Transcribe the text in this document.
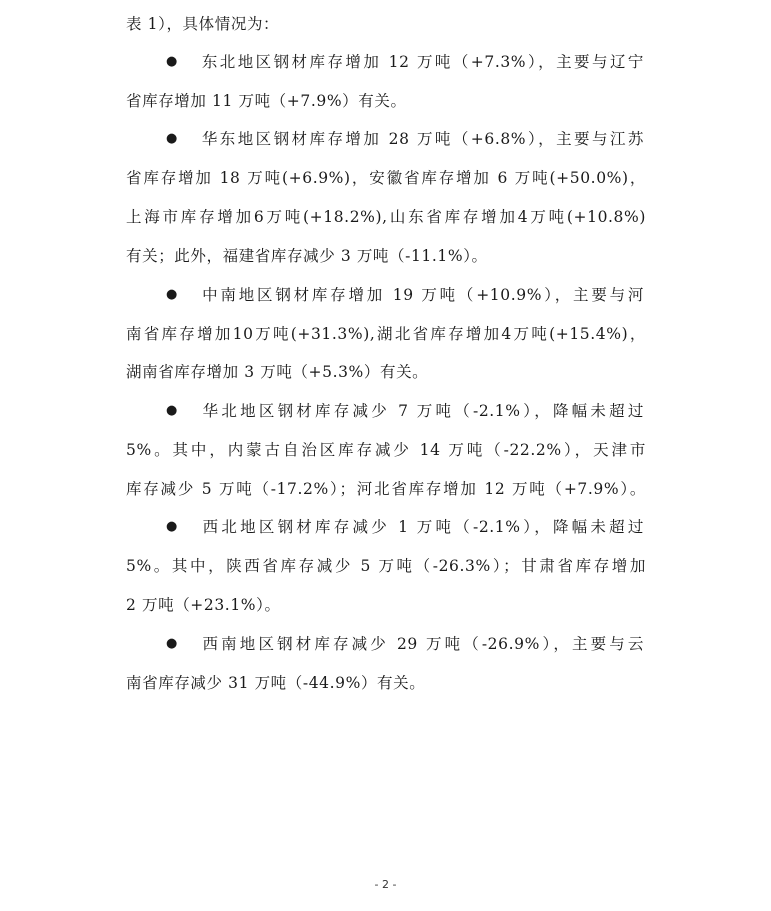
表 1），具体情况为：
● 东北地区钢材库存增加 12 万吨（+7.3%），主要与辽宁
省库存增加 11 万吨（+7.9%）有关。
● 华东地区钢材库存增加 28 万吨（+6.8%），主要与江苏
省库存增加 18 万吨(+6.9%)，安徽省库存增加 6 万吨(+50.0%)，
上海市库存增加6万吨(+18.2%),山东省库存增加4万吨(+10.8%)
有关；此外，福建省库存减少 3 万吨（-11.1%）。
● 中南地区钢材库存增加 19 万吨（+10.9%），主要与河
南省库存增加10万吨(+31.3%),湖北省库存增加4万吨(+15.4%)，
湖南省库存增加 3 万吨（+5.3%）有关。
● 华北地区钢材库存减少 7 万吨（-2.1%），降幅未超过
5%。其中，内蒙古自治区库存减少 14 万吨（-22.2%），天津市
库存减少 5 万吨（-17.2%）；河北省库存增加 12 万吨（+7.9%）。
● 西北地区钢材库存减少 1 万吨（-2.1%），降幅未超过
5%。其中，陕西省库存减少 5 万吨（-26.3%）；甘肃省库存增加
2 万吨（+23.1%）。
● 西南地区钢材库存减少 29 万吨（-26.9%），主要与云
南省库存减少 31 万吨（-44.9%）有关。
- 2 -
